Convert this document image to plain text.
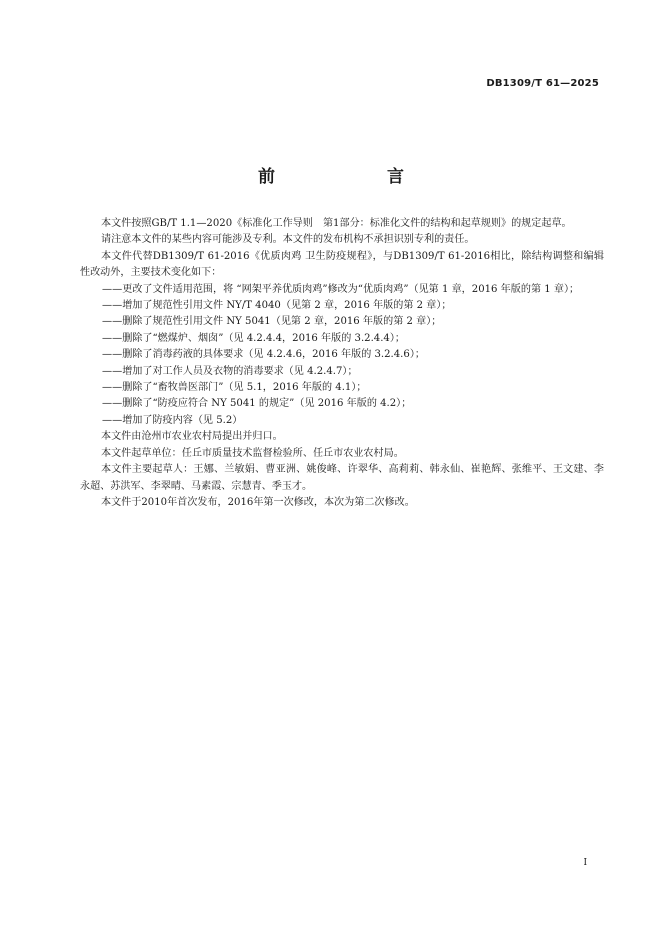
DB1309/T 61—2025
前　　言

本文件按照GB/T 1.1—2020《标准化工作导则　第1部分：标准化文件的结构和起草规则》的规定起草。

请注意本文件的某些内容可能涉及专利。本文件的发布机构不承担识别专利的责任。

本文件代替DB1309/T 61-2016《优质肉鸡 卫生防疫规程》，与DB1309/T 61-2016相比，除结构调整和编辑性改动外，主要技术变化如下：

——更改了文件适用范围，将 “网架平养优质肉鸡”修改为“优质肉鸡”（见第 1 章，2016 年版的第 1 章）；

——增加了规范性引用文件 NY/T 4040（见第 2 章，2016 年版的第 2 章）；

——删除了规范性引用文件 NY 5041（见第 2 章，2016 年版的第 2 章）；

——删除了“燃煤炉、烟囱”（见 4.2.4.4，2016 年版的 3.2.4.4）；

——删除了消毒药液的具体要求（见 4.2.4.6，2016 年版的 3.2.4.6）；

——增加了对工作人员及衣物的消毒要求（见 4.2.4.7）；

——删除了“畜牧兽医部门”（见 5.1，2016 年版的 4.1）；

——删除了“防疫应符合 NY 5041 的规定”（见 2016 年版的 4.2）；

——增加了防疫内容（见 5.2）

本文件由沧州市农业农村局提出并归口。

本文件起草单位：任丘市质量技术监督检验所、任丘市农业农村局。

本文件主要起草人：王娜、兰敏娟、曹亚洲、姚俊峰、许翠华、高莉莉、韩永仙、崔艳辉、张维平、王文建、李永超、苏洪军、李翠晴、马素霞、宗慧青、季玉才。

本文件于2010年首次发布，2016年第一次修改，本次为第二次修改。

I
